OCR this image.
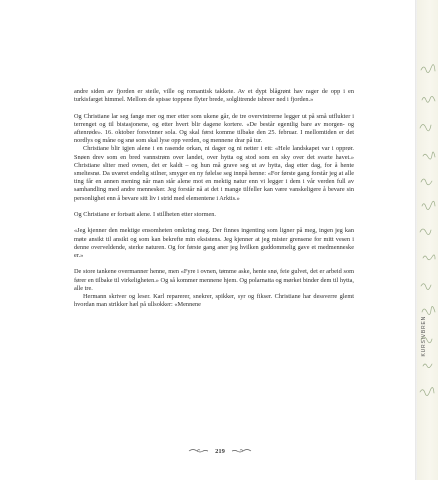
KURSIVBREN

andre siden av fjorden er steile, ville og romantisk takkete. Av et dypt blågrønt hav rager de opp i en turkisfarget himmel. Mellom de spisse toppene flyter brede, solglitrende isbreer ned i fjorden.»

Og Christiane lar seg fange mer og mer etter som ukene går, de tre overvintrerne legger ut på små utflukter i terrenget og til bistasjonene, og etter hvert blir dagene kortere. «De består egentlig bare av morgen- og aftenrøde». 16. oktober forsvinner sola. Og skal først komme tilbake den 25. februar. I mellomtiden er det nordlys og måne og snø som skal lyse opp verden, og mennene drar på tur.

Christiane blir igjen alene i en rasende orkan, ni dager og ni netter i ett: «Hele landskapet var i opprør. Snøen drev som en bred vannstrøm over landet, over hytta og stod som en sky over det svarte havet.» Christiane sliter med ovnen, det er kaldt – og hun må grave seg ut av hytta, dag etter dag, for å hente smeltesnø. Da uværet endelig stilner, smyger en ny følelse seg innpå henne: «For første gang forstår jeg at alle ting får en annen mening når man står alene mot en mektig natur enn vi legger i dem i vår verden full av samhandling med andre mennesker. Jeg forstår nå at det i mange tilfeller kan være vanskeligere å bevare sin personlighet enn å bevare sitt liv i strid med elementene i Arktis.»

Og Christiane er fortsatt alene. I stillheten etter stormen.

«Jeg kjenner den mektige ensomheten omkring meg. Der finnes ingenting som ligner på meg, ingen jeg kan møte ansikt til ansikt og som kan bekrefte min eksistens. Jeg kjenner at jeg mister grensene for mitt vesen i denne overveldende, sterke naturen. Og for første gang aner jeg hvilken guddommelig gave et medmenneske er.»

De store tankene overmanner henne, men «Fyre i ovnen, tømme aske, hente snø, feie gulvet, det er arbeid som fører en tilbake til virkeligheten.» Og så kommer mennene hjem. Og polarnatta og mørket binder dem til hytta, alle tre.

Hermann skriver og leser. Karl reparerer, snekrer, spikker, syr og fikser. Christiane har dessverre glemt hvordan man strikker hæl på ullsokker: «Mennene

219
